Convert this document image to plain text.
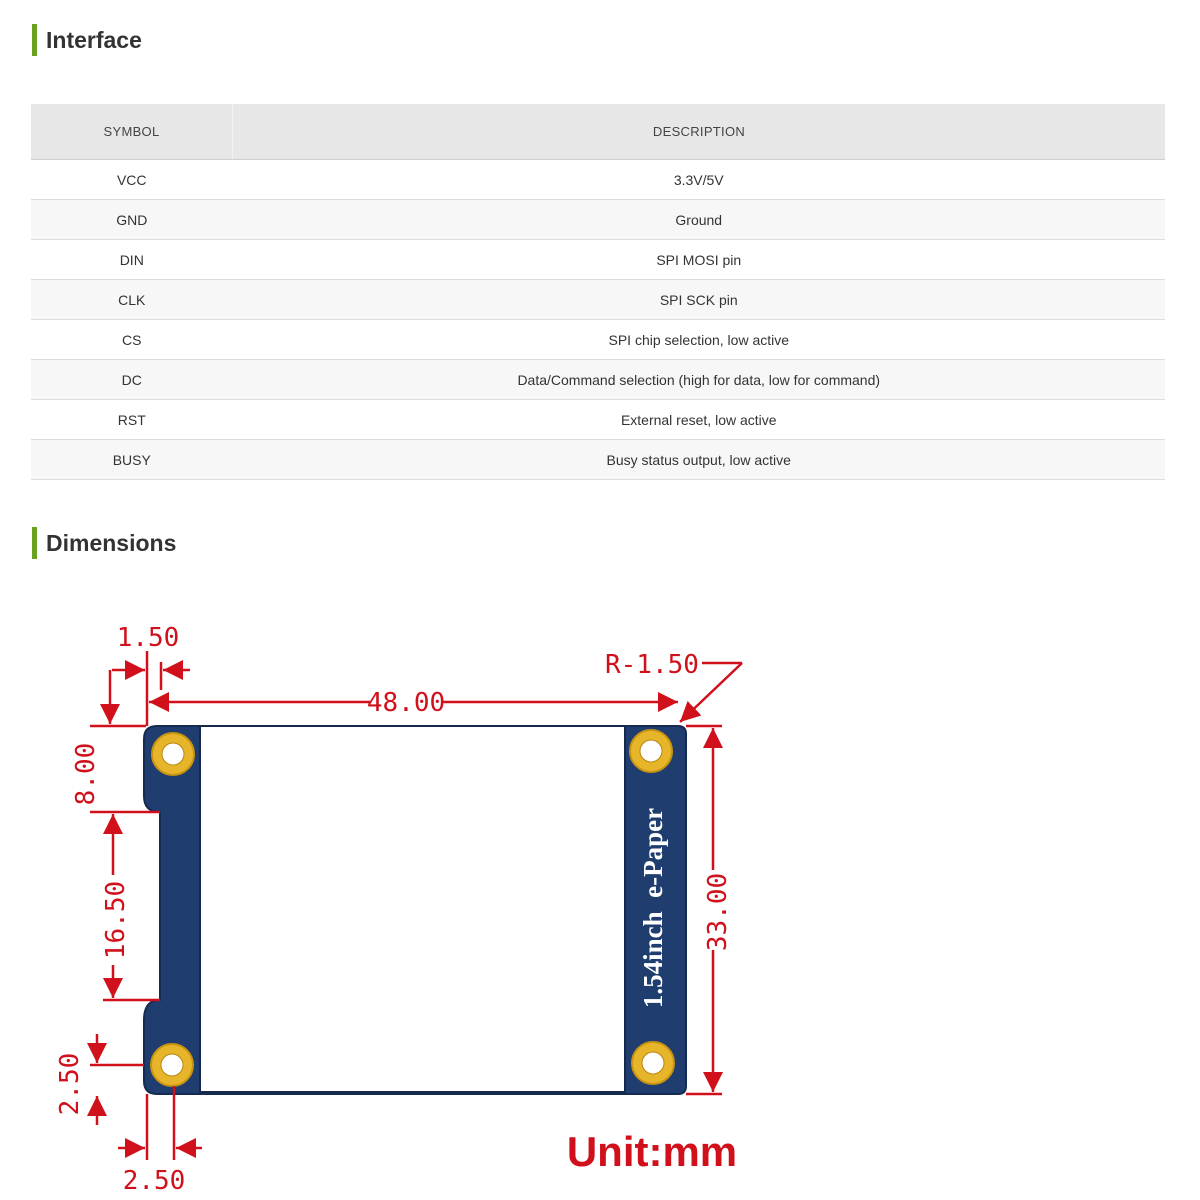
Interface
SYMBOL	DESCRIPTION
VCC	3.3V/5V
GND	Ground
DIN	SPI MOSI pin
CLK	SPI SCK pin
CS	SPI chip selection, low active
DC	Data/Command selection (high for data, low for command)
RST	External reset, low active
BUSY	Busy status output, low active
Dimensions
1.54inch  e-Paper
1.50
48.00
R-1.50
8.00
16.50	33.00
2.50
2.50
Unit:mm
